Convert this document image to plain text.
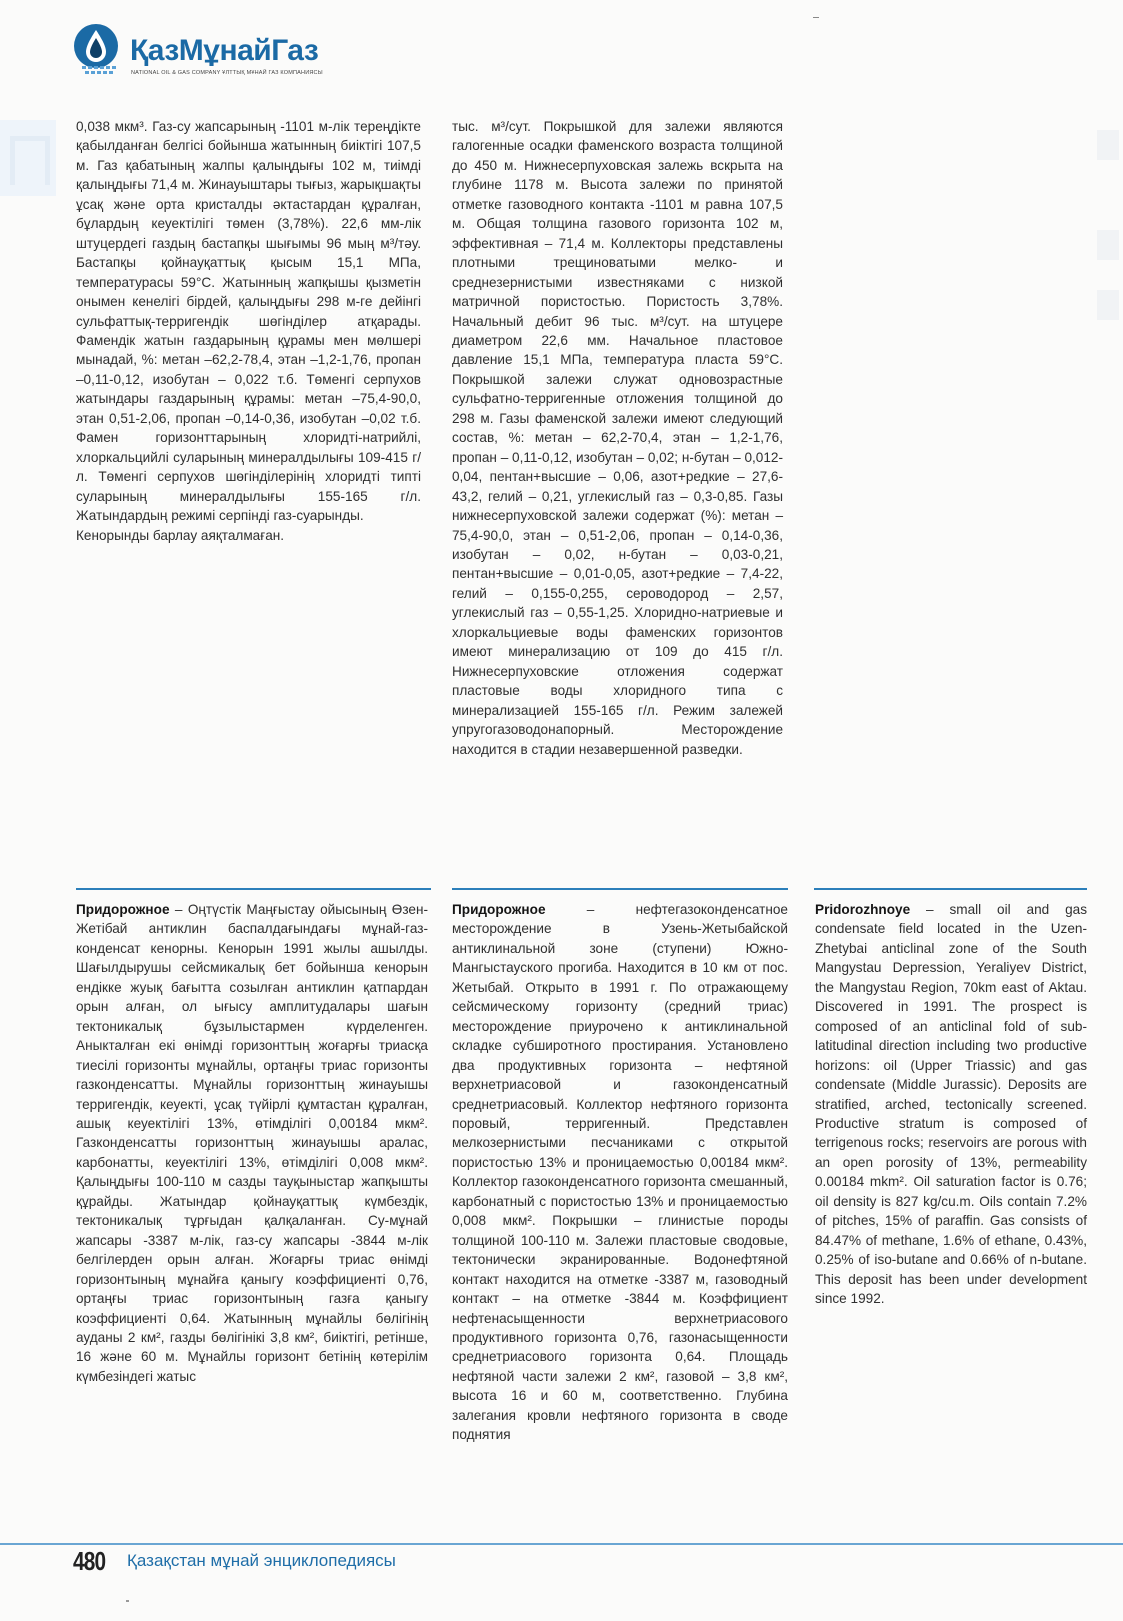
ҚазМұнайГаз
NATIONAL OIL & GAS COMPANY ҰЛТТЫҚ МҰНАЙ ГАЗ КОМПАНИЯСЫ

0,038 мкм³. Газ-су жапсарының -1101 м-лік тереңдікте қабылданған белгісі бойынша жатынның биіктігі 107,5 м. Газ қабатының жалпы қалыңдығы 102 м, тиімді қалыңдығы 71,4 м. Жинауыштары тығыз, жарықшақты ұсақ және орта кристалды әктастардан құралған, бұлардың кеуектілігі төмен (3,78%). 22,6 мм-лік штуцердегі газдың бастапқы шығымы 96 мың м³/тәу. Бастапқы қойнауқаттық қысым 15,1 МПа, температурасы 59°С. Жатынның жапқышы қызметін онымен кенелігі бірдей, қалыңдығы 298 м-ге дейінгі сульфаттық-терригендік шөгінділер атқарады. Фамендік жатын газдарының құрамы мен мөлшері мынадай, %: метан –62,2-78,4, этан –1,2-1,76, пропан –0,11-0,12, изобутан – 0,022 т.б. Төменгі серпухов жатындары газдарының құрамы: метан –75,4-90,0, этан 0,51-2,06, пропан –0,14-0,36, изобутан –0,02 т.б. Фамен горизонттарының хлоридті-натрийлі, хлоркальцийлі суларының минералдылығы 109-415 г/л. Төменгі серпухов шөгінділерінің хлоридті типті суларының минералдылығы 155-165 г/л. Жатындардың режимі серпінді газ-суарынды.

Кенорынды барлау аяқталмаған.

тыс. м³/сут. Покрышкой для залежи являются галогенные осадки фаменского возраста толщиной до 450 м. Нижнесерпуховская залежь вскрыта на глубине 1178 м. Высота залежи по принятой отметке газоводного контакта -1101 м равна 107,5 м. Общая толщина газового горизонта 102 м, эффективная – 71,4 м. Коллекторы представлены плотными трещиноватыми мелко- и среднезернистыми известняками с низкой матричной пористостью. Пористость 3,78%. Начальный дебит 96 тыс. м³/сут. на штуцере диаметром 22,6 мм. Начальное пластовое давление 15,1 МПа, температура пласта 59°С. Покрышкой залежи служат одновозрастные сульфатно-терригенные отложения толщиной до 298 м. Газы фаменской залежи имеют следующий состав, %: метан – 62,2-70,4, этан – 1,2-1,76, пропан – 0,11-0,12, изобутан – 0,02; н-бутан – 0,012-0,04, пентан+высшие – 0,06, азот+редкие – 27,6-43,2, гелий – 0,21, углекислый газ – 0,3-0,85. Газы нижнесерпуховской залежи содержат (%): метан – 75,4-90,0, этан – 0,51-2,06, пропан – 0,14-0,36, изобутан – 0,02, н-бутан – 0,03-0,21, пентан+высшие – 0,01-0,05, азот+редкие – 7,4-22, гелий – 0,155-0,255, сероводород – 2,57, углекислый газ – 0,55-1,25. Хлоридно-натриевые и хлоркальциевые воды фаменских горизонтов имеют минерализацию от 109 до 415 г/л. Нижнесерпуховские отложения содержат пластовые воды хлоридного типа с минерализацией 155-165 г/л. Режим залежей упругогазоводонапорный. Месторождение находится в стадии незавершенной разведки.

Придорожное – Оңтүстік Маңғыстау ойысының Өзен-Жетібай антиклин баспалдағындағы мұнай-газ-конденсат кенорны. Кенорын 1991 жылы ашылды. Шағылдырушы сейсмикалық бет бойынша кенорын ендікке жуық бағытта созылған антиклин қатпардан орын алған, ол ығысу амплитудалары шағын тектоникалық бұзылыстармен күрделенген. Аныкталған екі өнімді горизонттың жоғарғы триасқа тиесілі горизонты мұнайлы, ортаңғы триас горизонты газконденсатты. Мұнайлы горизонттың жинауышы терригендік, кеуекті, ұсақ түйірлі құмтастан құралған, ашық кеуектілігі 13%, өтімділігі 0,00184 мкм². Газконденсатты горизонттың жинауышы аралас, карбонатты, кеуектілігі 13%, өтімділігі 0,008 мкм². Қалыңдығы 100-110 м сазды тауқыныстар жапқышты құрайды. Жатындар қойнауқаттық күмбездік, тектоникалық тұрғыдан қалқаланған. Су-мұнай жапсары -3387 м-лік, газ-су жапсары -3844 м-лік белгілерден орын алған. Жоғарғы триас өнімді горизонтының мұнайға қаныгу коэффициенті 0,76, ортаңғы триас горизонтының газға қаныгу коэффициенті 0,64. Жатынның мұнайлы бөлігінің ауданы 2 км², газды бөлігінікі 3,8 км², биіктігі, ретінше, 16 және 60 м. Мұнайлы горизонт бетінің көтерілім күмбезіндегі жатыс

Придорожное – нефтегазоконденсатное месторождение в Узень-Жетыбайской антиклинальной зоне (ступени) Южно-Мангыстауского прогиба. Находится в 10 км от пос. Жетыбай. Открыто в 1991 г. По отражающему сейсмическому горизонту (средний триас) месторождение приурочено к антиклинальной складке субширотного простирания. Установлено два продуктивных горизонта – нефтяной верхнетриасовой и газоконденсатный среднетриасовый. Коллектор нефтяного горизонта поровый, терригенный. Представлен мелкозернистыми песчаниками с открытой пористостью 13% и проницаемостью 0,00184 мкм². Коллектор газоконденсатного горизонта смешанный, карбонатный с пористостью 13% и проницаемостью 0,008 мкм². Покрышки – глинистые породы толщиной 100-110 м. Залежи пластовые сводовые, тектонически экранированные. Водонефтяной контакт находится на отметке -3387 м, газоводный контакт – на отметке -3844 м. Коэффициент нефтенасыщенности верхнетриасового продуктивного горизонта 0,76, газонасыщенности среднетриасового горизонта 0,64. Площадь нефтяной части залежи 2 км², газовой – 3,8 км², высота 16 и 60 м, соответственно. Глубина залегания кровли нефтяного горизонта в своде поднятия

Pridorozhnoye – small oil and gas condensate field located in the Uzen-Zhetybai anticlinal zone of the South Mangystau Depression, Yeraliyev District, the Mangystau Region, 70km east of Aktau. Discovered in 1991. The prospect is composed of an anticlinal fold of sub-latitudinal direction including two productive horizons: oil (Upper Triassic) and gas condensate (Middle Jurassic). Deposits are stratified, arched, tectonically screened. Productive stratum is composed of terrigenous rocks; reservoirs are porous with an open porosity of 13%, permeability 0.00184 mkm². Oil saturation factor is 0.76; oil density is 827 kg/cu.m. Oils contain 7.2% of pitches, 15% of paraffin. Gas consists of 84.47% of methane, 1.6% of ethane, 0.43%, 0.25% of iso-butane and 0.66% of n-butane. This deposit has been under development since 1992.

480 Қазақстан мұнай энциклопедиясы
